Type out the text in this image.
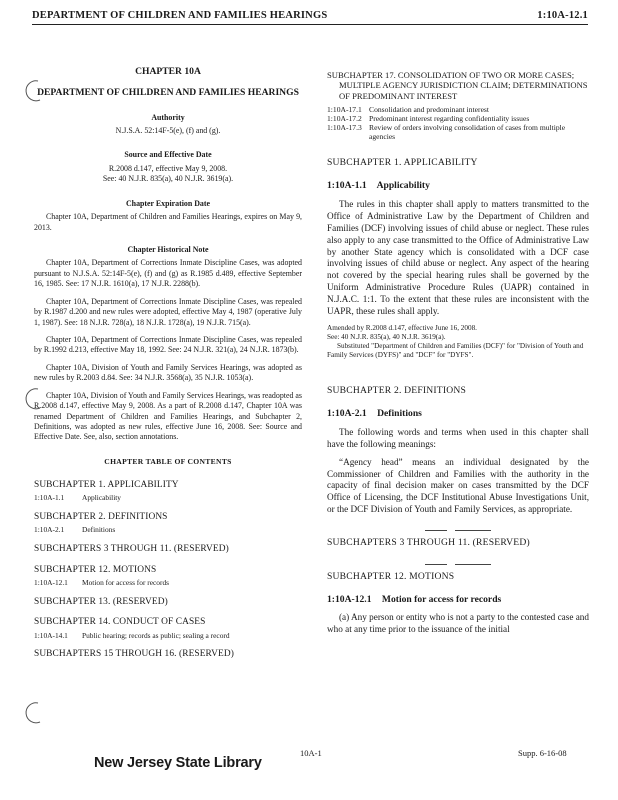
DEPARTMENT OF CHILDREN AND FAMILIES HEARINGS	1:10A-12.1
CHAPTER 10A
DEPARTMENT OF CHILDREN AND FAMILIES HEARINGS
Authority
N.J.S.A. 52:14F-5(e), (f) and (g).
Source and Effective Date
R.2008 d.147, effective May 9, 2008.
See: 40 N.J.R. 835(a), 40 N.J.R. 3619(a).
Chapter Expiration Date
Chapter 10A, Department of Children and Families Hearings, expires on May 9, 2013.
Chapter Historical Note
Chapter 10A, Department of Corrections Inmate Discipline Cases, was adopted pursuant to N.J.S.A. 52:14F-5(e), (f) and (g) as R.1985 d.489, effective September 16, 1985. See: 17 N.J.R. 1610(a), 17 N.J.R. 2288(b).
Chapter 10A, Department of Corrections Inmate Discipline Cases, was repealed by R.1987 d.200 and new rules were adopted, effective May 4, 1987 (operative July 1, 1987). See: 18 N.J.R. 728(a), 18 N.J.R. 1728(a), 19 N.J.R. 715(a).
Chapter 10A, Department of Corrections Inmate Discipline Cases, was repealed by R.1992 d.213, effective May 18, 1992. See: 24 N.J.R. 321(a), 24 N.J.R. 1873(b).
Chapter 10A, Division of Youth and Family Services Hearings, was adopted as new rules by R.2003 d.84. See: 34 N.J.R. 3568(a), 35 N.J.R. 1053(a).
Chapter 10A, Division of Youth and Family Services Hearings, was readopted as R.2008 d.147, effective May 9, 2008. As a part of R.2008 d.147, Chapter 10A was renamed Department of Children and Families Hearings, and Subchapter 2, Definitions, was adopted as new rules, effective June 16, 2008. See: Source and Effective Date. See, also, section annotations.
CHAPTER TABLE OF CONTENTS
SUBCHAPTER 1. APPLICABILITY
1:10A-1.1	Applicability
SUBCHAPTER 2. DEFINITIONS
1:10A-2.1	Definitions
SUBCHAPTERS 3 THROUGH 11. (RESERVED)
SUBCHAPTER 12. MOTIONS
1:10A-12.1	Motion for access for records
SUBCHAPTER 13. (RESERVED)
SUBCHAPTER 14. CONDUCT OF CASES
1:10A-14.1	Public hearing; records as public; sealing a record
SUBCHAPTERS 15 THROUGH 16. (RESERVED)
SUBCHAPTER 17. CONSOLIDATION OF TWO OR MORE CASES; MULTIPLE AGENCY JURISDICTION CLAIM; DETERMINATIONS OF PREDOMINANT INTEREST
1:10A-17.1 Consolidation and predominant interest
1:10A-17.2 Predominant interest regarding confidentiality issues
1:10A-17.3 Review of orders involving consolidation of cases from multiple agencies
SUBCHAPTER 1. APPLICABILITY
1:10A-1.1 Applicability
The rules in this chapter shall apply to matters transmitted to the Office of Administrative Law by the Department of Children and Families (DCF) involving issues of child abuse or neglect. These rules also apply to any case transmitted to the Office of Administrative Law by another State agency which is consolidated with a DCF case involving issues of child abuse or neglect. Any aspect of the hearing not covered by the special hearing rules shall be governed by the Uniform Administrative Procedure Rules (UAPR) contained in N.J.A.C. 1:1. To the extent that these rules are inconsistent with the UAPR, these rules shall apply.
Amended by R.2008 d.147, effective June 16, 2008.
See: 40 N.J.R. 835(a), 40 N.J.R. 3619(a).
Substituted "Department of Children and Families (DCF)" for "Division of Youth and Family Services (DYFS)" and "DCF" for "DYFS".
SUBCHAPTER 2. DEFINITIONS
1:10A-2.1 Definitions
The following words and terms when used in this chapter shall have the following meanings:
“Agency head” means an individual designated by the Commissioner of Children and Families with the authority in the capacity of final decision maker on cases transmitted by the DCF Office of Licensing, the DCF Institutional Abuse Investigations Unit, or the DCF Division of Youth and Family Services, as appropriate.
SUBCHAPTERS 3 THROUGH 11. (RESERVED)
SUBCHAPTER 12. MOTIONS
1:10A-12.1 Motion for access for records
(a) Any person or entity who is not a party to the contested case and who at any time prior to the issuance of the initial
New Jersey State Library
10A-1	Supp. 6-16-08
